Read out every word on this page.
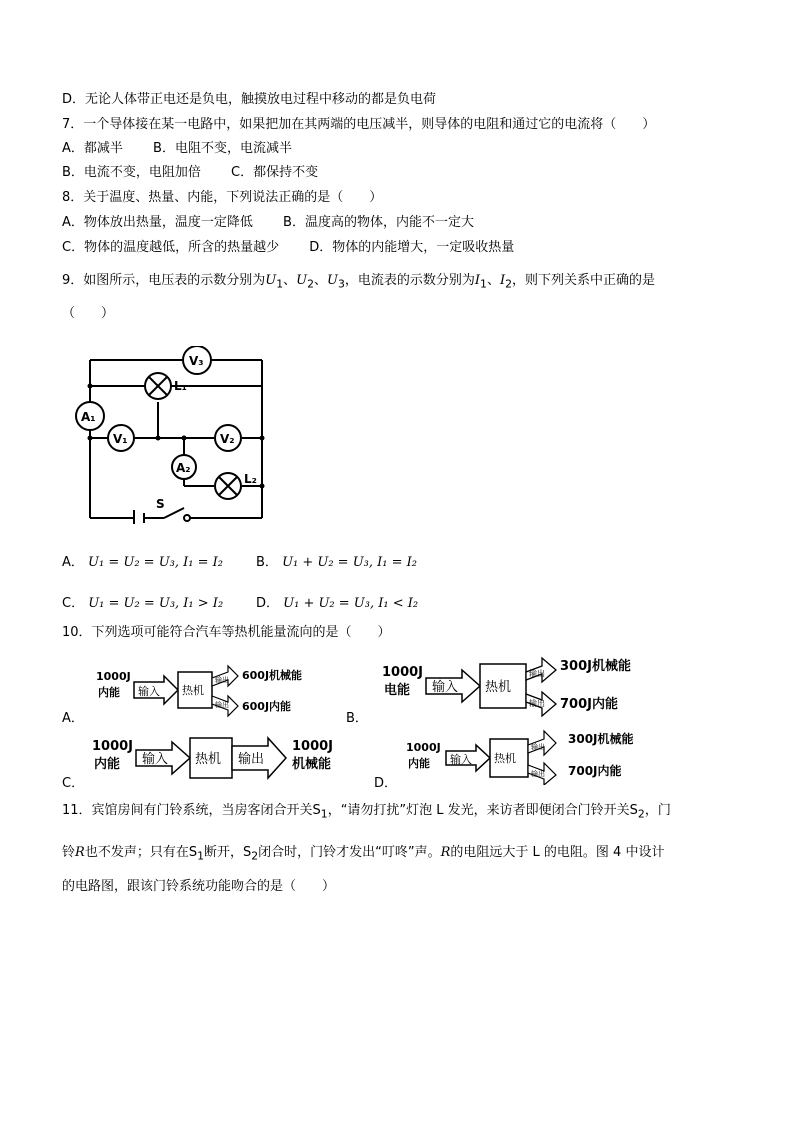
D．无论人体带正电还是负电，触摸放电过程中移动的都是负电荷
7．一个导体接在某一电路中，如果把加在其两端的电压减半，则导体的电阻和通过它的电流将（　　）
A．都减半　　 B．电阻不变，电流减半
B．电流不变，电阻加倍　　 C．都保持不变
8．关于温度、热量、内能，下列说法正确的是（　　）
A．物体放出热量，温度一定降低　　 B．温度高的物体，内能不一定大
C．物体的温度越低，所含的热量越少　　 D．物体的内能增大，一定吸收热量
9．如图所示，电压表的示数分别为$U_1$、$U_2$、$U_3$，电流表的示数分别为$I_1$、$I_2$，则下列关系中正确的是
（　　）
V₃
A₁
L₁
V₁	V₂
A₂
L₂
S
A． U₁ = U₂ = U₃, I₁ = I₂	B． U₁ + U₂ = U₃, I₁ = I₂
C． U₁ = U₂ = U₃, I₁ > I₂	D． U₁ + U₂ = U₃, I₁ < I₂
10．下列选项可能符合汽车等热机能量流向的是（　　）
A．
1000J
内能 输入 热机
输出
输出
600J机械能
600J内能
B．
1000J
电能 输入 热机
输出
输出
300J机械能
700J内能
C．
1000J
内能 输入 热机 输出
1000J
机械能
D．
1000J
内能 输入 热机
输出
输出
300J机械能
700J内能
11．宾馆房间有门铃系统，当房客闭合开关$S_1$，“请勿打扰”灯泡 L 发光，来访者即便闭合门铃开关$S_2$，门
铃R也不发声；只有在$S_1$断开，$S_2$闭合时，门铃才发出“叮咚”声。R的电阻远大于 L 的电阻。图 4 中设计
的电路图，跟该门铃系统功能吻合的是（　　）
